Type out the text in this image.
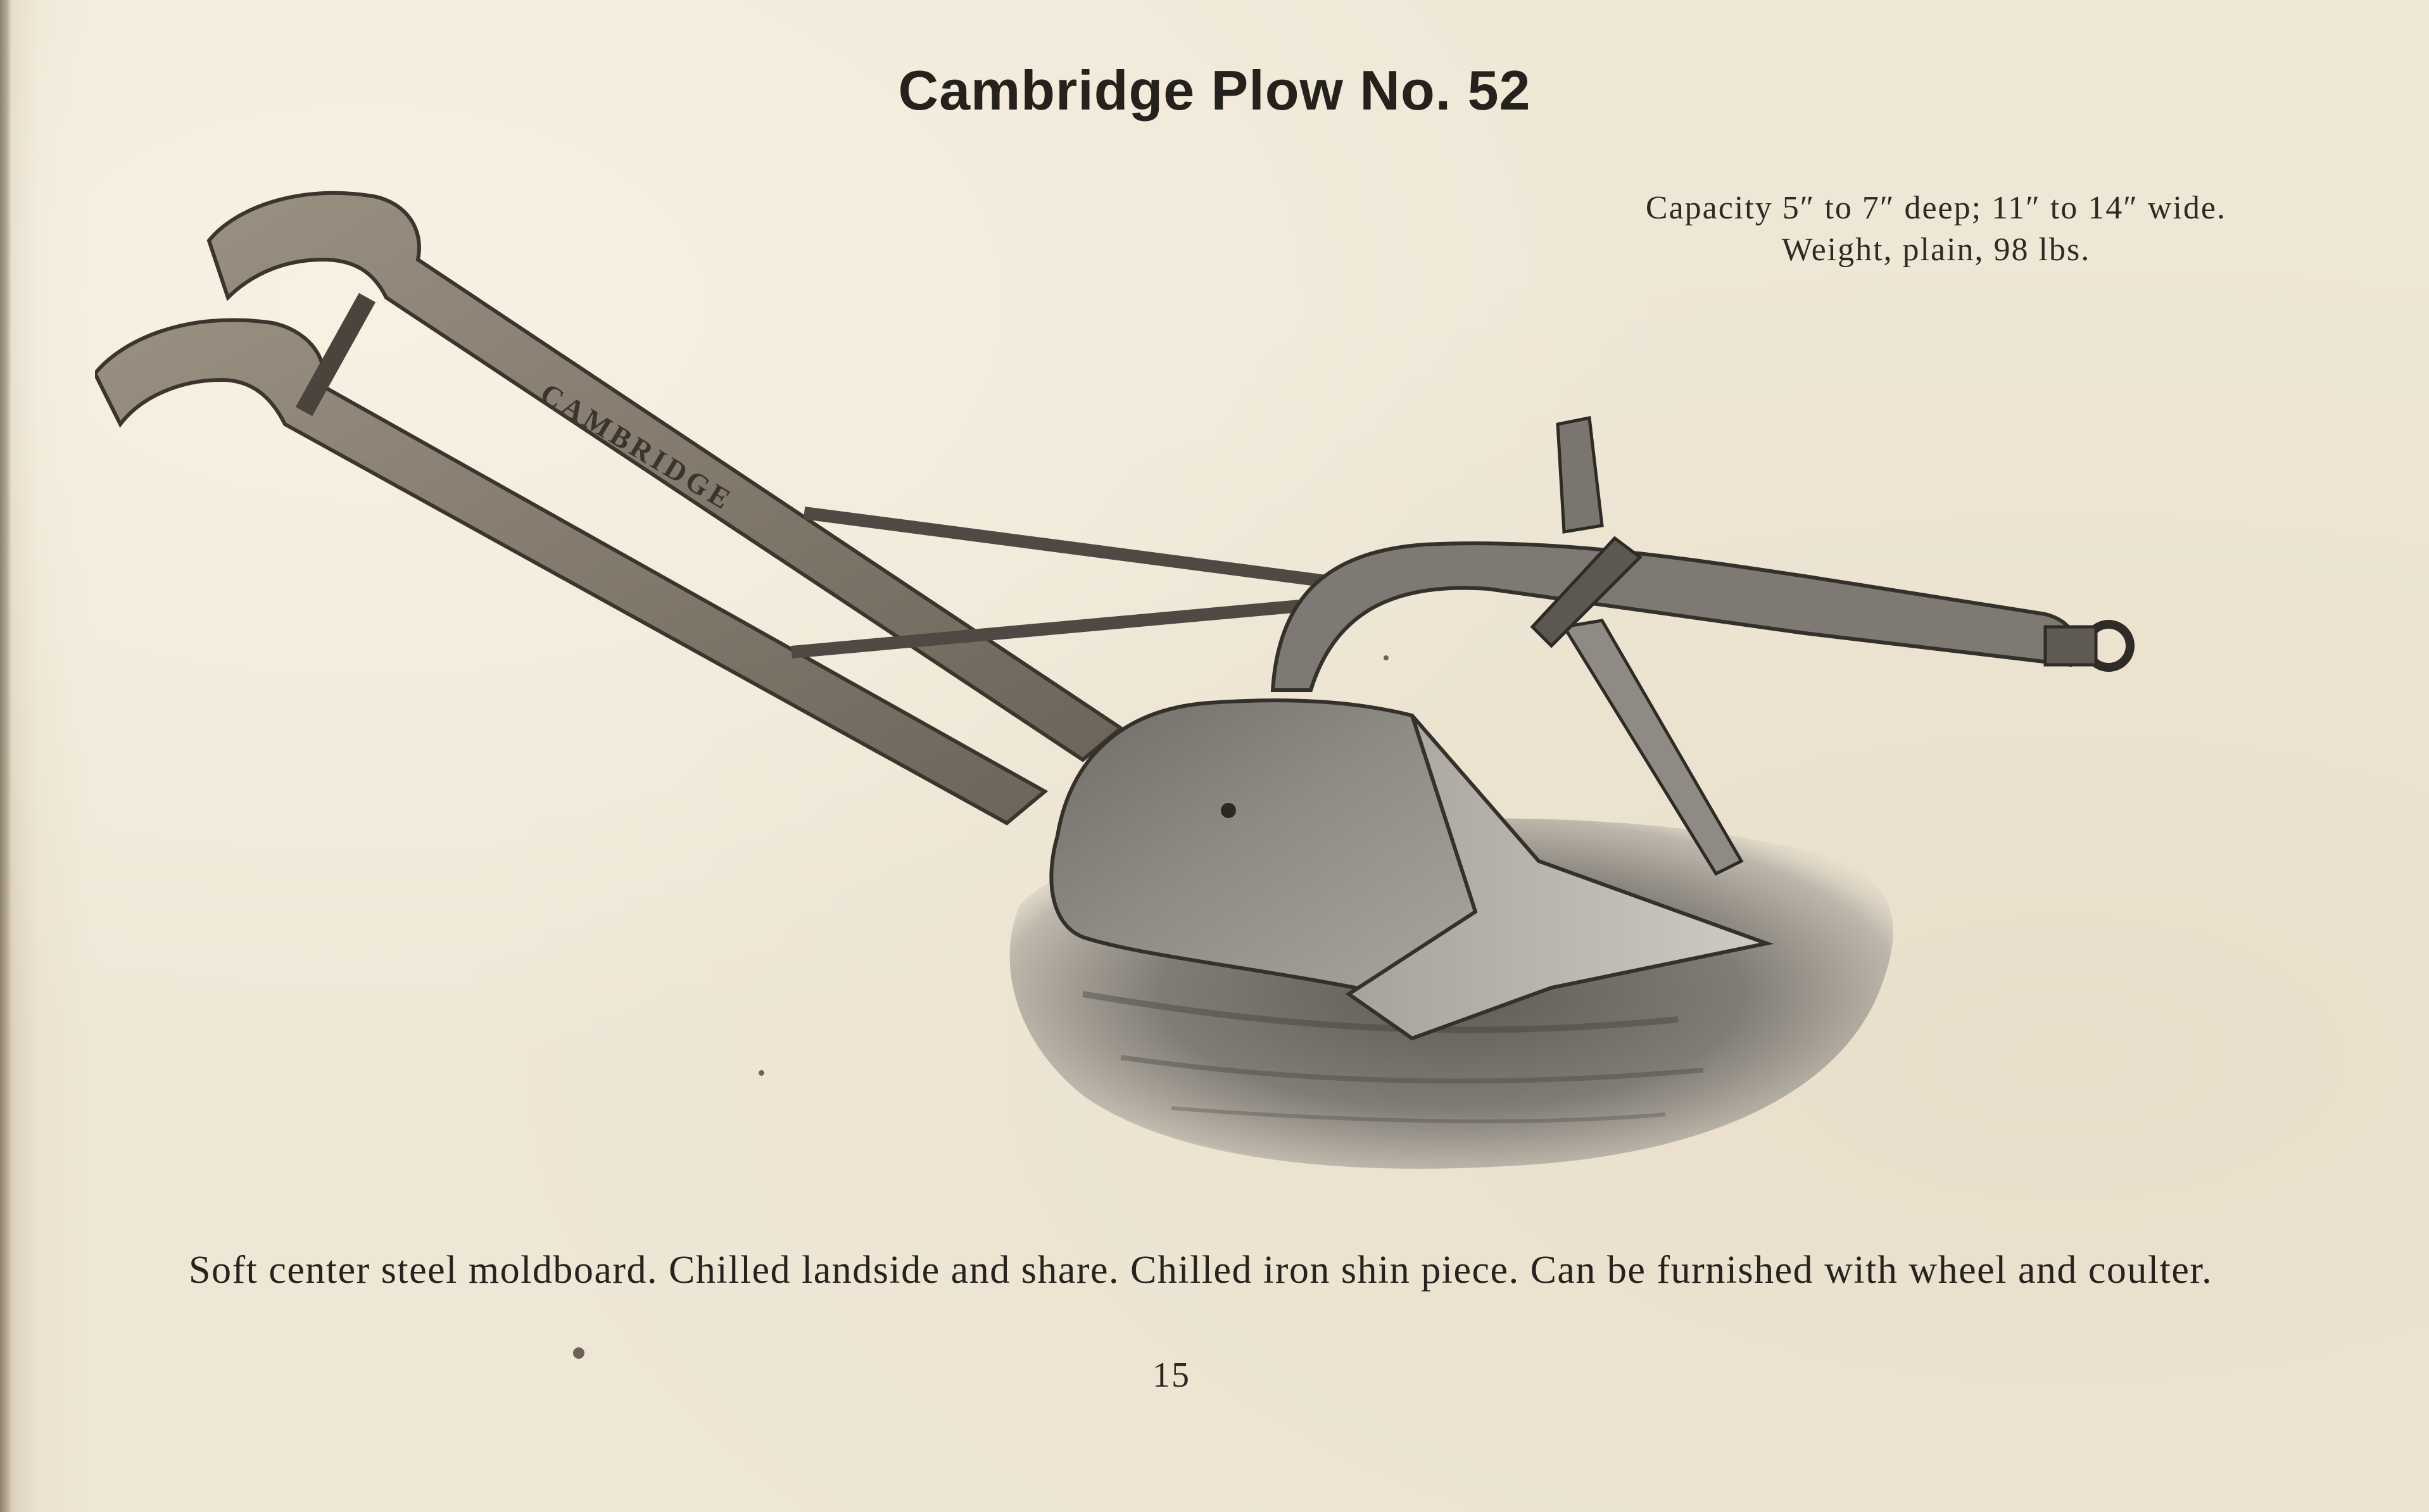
Cambridge Plow No. 52
Capacity 5″ to 7″ deep; 11″ to 14″ wide.
Weight, plain, 98 lbs.
CAMBRIDGE

Soft center steel moldboard. Chilled landside and share. Chilled iron shin piece. Can be furnished with wheel and coulter.

15
